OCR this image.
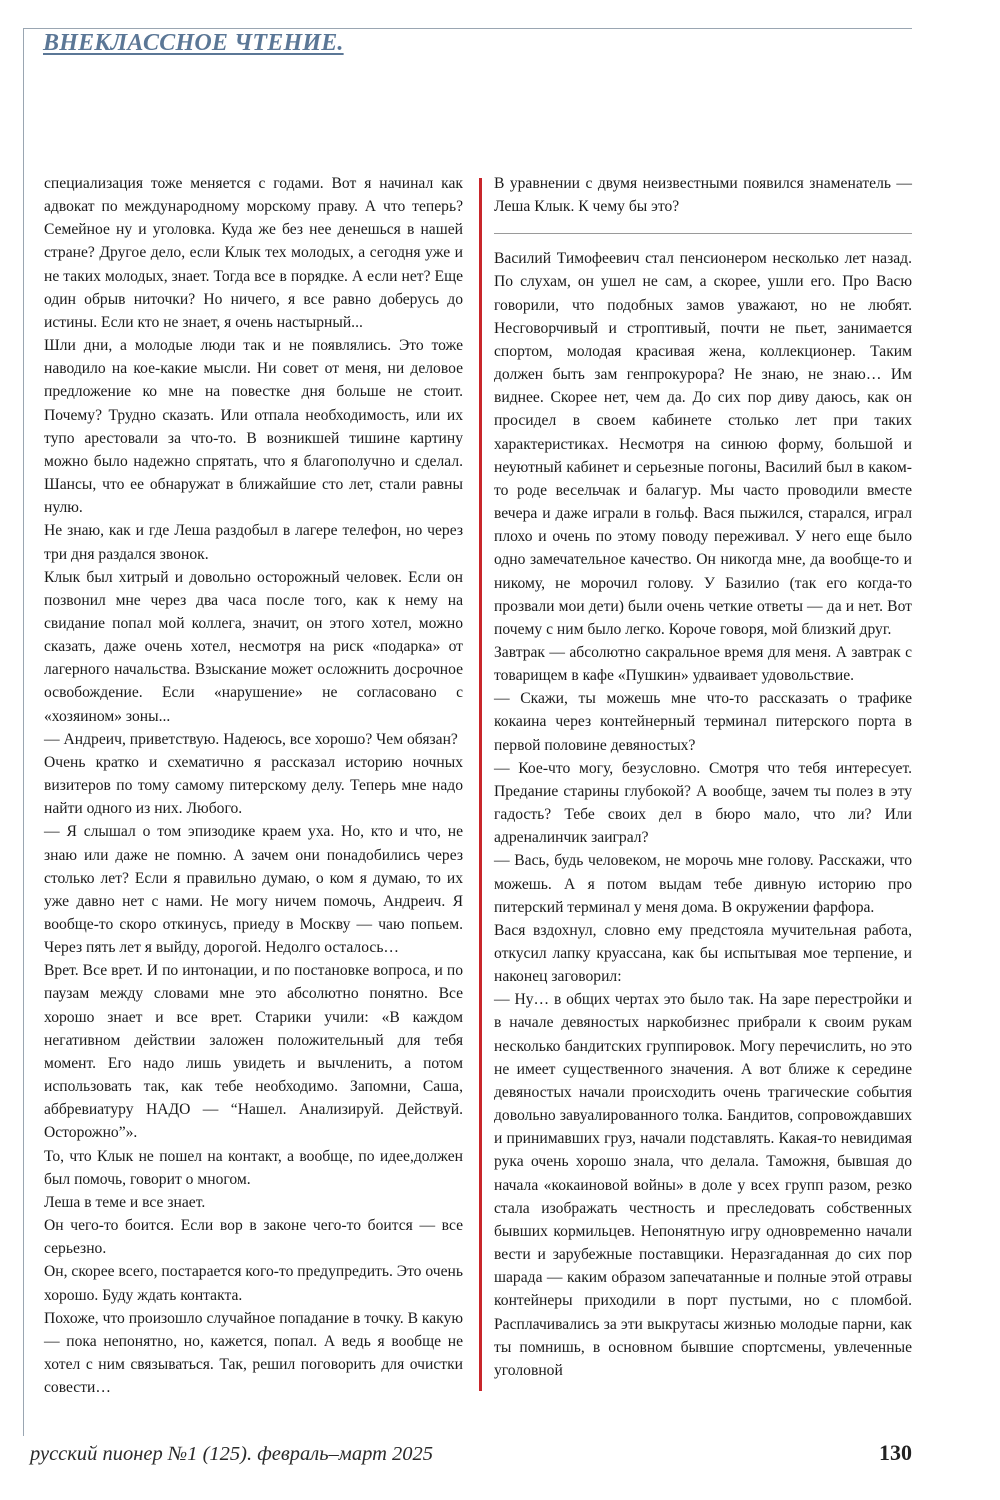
ВНЕКЛАССНОЕ ЧТЕНИЕ.

специализация тоже меняется с годами. Вот я начинал как адвокат по международному морскому праву. А что теперь? Семейное ну и уголовка. Куда же без нее денешься в нашей стране? Другое дело, если Клык тех молодых, а сегодня уже и не таких молодых, знает. Тогда все в порядке. А если нет? Еще один обрыв ниточки? Но ничего, я все равно доберусь до истины. Если кто не знает, я очень настырный...

Шли дни, а молодые люди так и не появлялись. Это тоже наводило на кое-какие мысли. Ни совет от меня, ни деловое предложение ко мне на повестке дня больше не стоит. Почему? Трудно сказать. Или отпала необходимость, или их тупо арестовали за что-то. В возникшей тишине картину можно было надежно спрятать, что я благополучно и сделал. Шансы, что ее обнаружат в ближайшие сто лет, стали равны нулю.

Не знаю, как и где Леша раздобыл в лагере телефон, но через три дня раздался звонок.

Клык был хитрый и довольно осторожный человек. Если он позвонил мне через два часа после того, как к нему на свидание попал мой коллега, значит, он этого хотел, можно сказать, даже очень хотел, несмотря на риск «подарка» от лагерного начальства. Взыскание может осложнить досрочное освобождение. Если «нарушение» не согласовано с «хозяином» зоны...

— Андреич, приветствую. Надеюсь, все хорошо? Чем обязан?

Очень кратко и схематично я рассказал историю ночных визитеров по тому самому питерскому делу. Теперь мне надо найти одного из них. Любого.

— Я слышал о том эпизодике краем уха. Но, кто и что, не знаю или даже не помню. А зачем они понадобились через столько лет? Если я правильно думаю, о ком я думаю, то их уже давно нет с нами. Не могу ничем помочь, Андреич. Я вообще-то скоро откинусь, приеду в Москву — чаю попьем. Через пять лет я выйду, дорогой. Недолго осталось…

Врет. Все врет. И по интонации, и по постановке вопроса, и по паузам между словами мне это абсолютно понятно. Все хорошо знает и все врет. Старики учили: «В каждом негативном действии заложен положительный для тебя момент. Его надо лишь увидеть и вычленить, а потом использовать так, как тебе необходимо. Запомни, Саша, аббревиатуру НАДО — “Нашел. Анализируй. Действуй. Осторожно”».

То, что Клык не пошел на контакт, а вообще, по идее,должен был помочь, говорит о многом.

Леша в теме и все знает.

Он чего-то боится. Если вор в законе чего-то боится — все серьезно.

Он, скорее всего, постарается кого-то предупредить. Это очень хорошо. Буду ждать контакта.

Похоже, что произошло случайное попадание в точку. В какую — пока непонятно, но, кажется, попал. А ведь я вообще не хотел с ним связываться. Так, решил поговорить для очистки совести…

В уравнении с двумя неизвестными появился знаменатель — Леша Клык. К чему бы это?

Василий Тимофеевич стал пенсионером несколько лет назад. По слухам, он ушел не сам, а скорее, ушли его. Про Васю говорили, что подобных замов уважают, но не любят. Несговорчивый и строптивый, почти не пьет, занимается спортом, молодая красивая жена, коллекционер. Таким должен быть зам генпрокурора? Не знаю, не знаю… Им виднее. Скорее нет, чем да. До сих пор диву даюсь, как он просидел в своем кабинете столько лет при таких характеристиках. Несмотря на синюю форму, большой и неуютный кабинет и серьезные погоны, Василий был в каком-то роде весельчак и балагур. Мы часто проводили вместе вечера и даже играли в гольф. Вася пыжился, старался, играл плохо и очень по этому поводу переживал. У него еще было одно замечательное качество. Он никогда мне, да вообще-то и никому, не морочил голову. У Базилио (так его когда-то прозвали мои дети) были очень четкие ответы — да и нет. Вот почему с ним было легко. Короче говоря, мой близкий друг.

Завтрак — абсолютно сакральное время для меня. А завтрак с товарищем в кафе «Пушкин» удваивает удовольствие.

— Скажи, ты можешь мне что-то рассказать о трафике кокаина через контейнерный терминал питерского порта в первой половине девяностых?

— Кое-что могу, безусловно. Смотря что тебя интересует. Предание старины глубокой? А вообще, зачем ты полез в эту гадость? Тебе своих дел в бюро мало, что ли? Или адреналинчик заиграл?

— Вась, будь человеком, не морочь мне голову. Расскажи, что можешь. А я потом выдам тебе дивную историю про питерский терминал у меня дома. В окружении фарфора.

Вася вздохнул, словно ему предстояла мучительная работа, откусил лапку круассана, как бы испытывая мое терпение, и наконец заговорил:

— Ну… в общих чертах это было так. На заре перестройки и в начале девяностых наркобизнес прибрали к своим рукам несколько бандитских группировок. Могу перечислить, но это не имеет существенного значения. А вот ближе к середине девяностых начали происходить очень трагические события довольно завуалированного толка. Бандитов, сопровождавших и принимавших груз, начали подставлять. Какая-то невидимая рука очень хорошо знала, что делала. Таможня, бывшая до начала «кокаиновой войны» в доле у всех групп разом, резко стала изображать честность и преследовать собственных бывших кормильцев. Непонятную игру одновременно начали вести и зарубежные поставщики. Неразгаданная до сих пор шарада — каким образом запечатанные и полные этой отравы контейнеры приходили в порт пустыми, но с пломбой. Расплачивались за эти выкрутасы жизнью молодые парни, как ты помнишь, в основном бывшие спортсмены, увлеченные уголовной

русский пионер №1 (125). февраль–март 2025	130
